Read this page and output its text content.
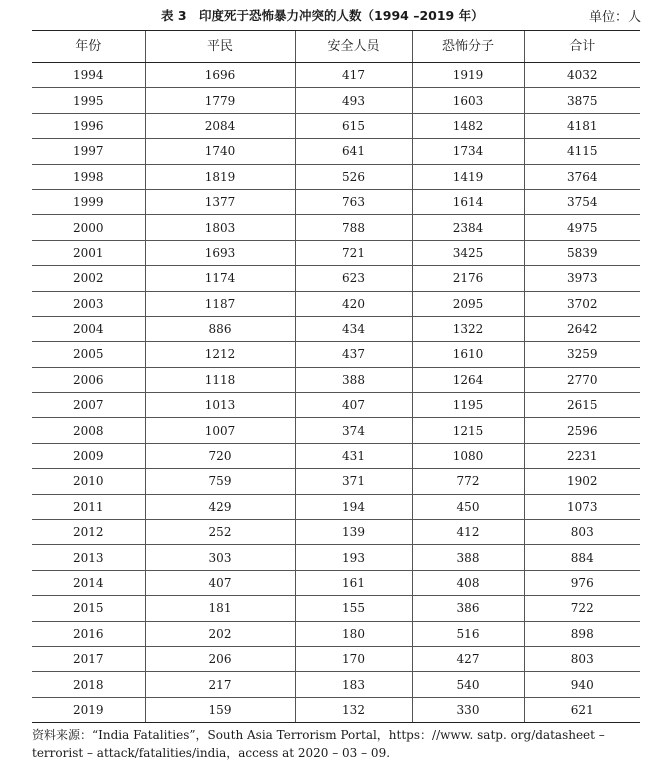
表 3　印度死于恐怖暴力冲突的人数（1994 –2019 年）	单位：人
年份	平民	安全人员	恐怖分子	合计
1994	1696	417	1919	4032
1995	1779	493	1603	3875
1996	2084	615	1482	4181
1997	1740	641	1734	4115
1998	1819	526	1419	3764
1999	1377	763	1614	3754
2000	1803	788	2384	4975
2001	1693	721	3425	5839
2002	1174	623	2176	3973
2003	1187	420	2095	3702
2004	886	434	1322	2642
2005	1212	437	1610	3259
2006	1118	388	1264	2770
2007	1013	407	1195	2615
2008	1007	374	1215	2596
2009	720	431	1080	2231
2010	759	371	772	1902
2011	429	194	450	1073
2012	252	139	412	803
2013	303	193	388	884
2014	407	161	408	976
2015	181	155	386	722
2016	202	180	516	898
2017	206	170	427	803
2018	217	183	540	940
2019	159	132	330	621
资料来源：“India Fatalities”，South Asia Terrorism Portal，https：//www. satp. org/datasheet – terrorist – attack/fatalities/india，access at 2020 – 03 – 09.
